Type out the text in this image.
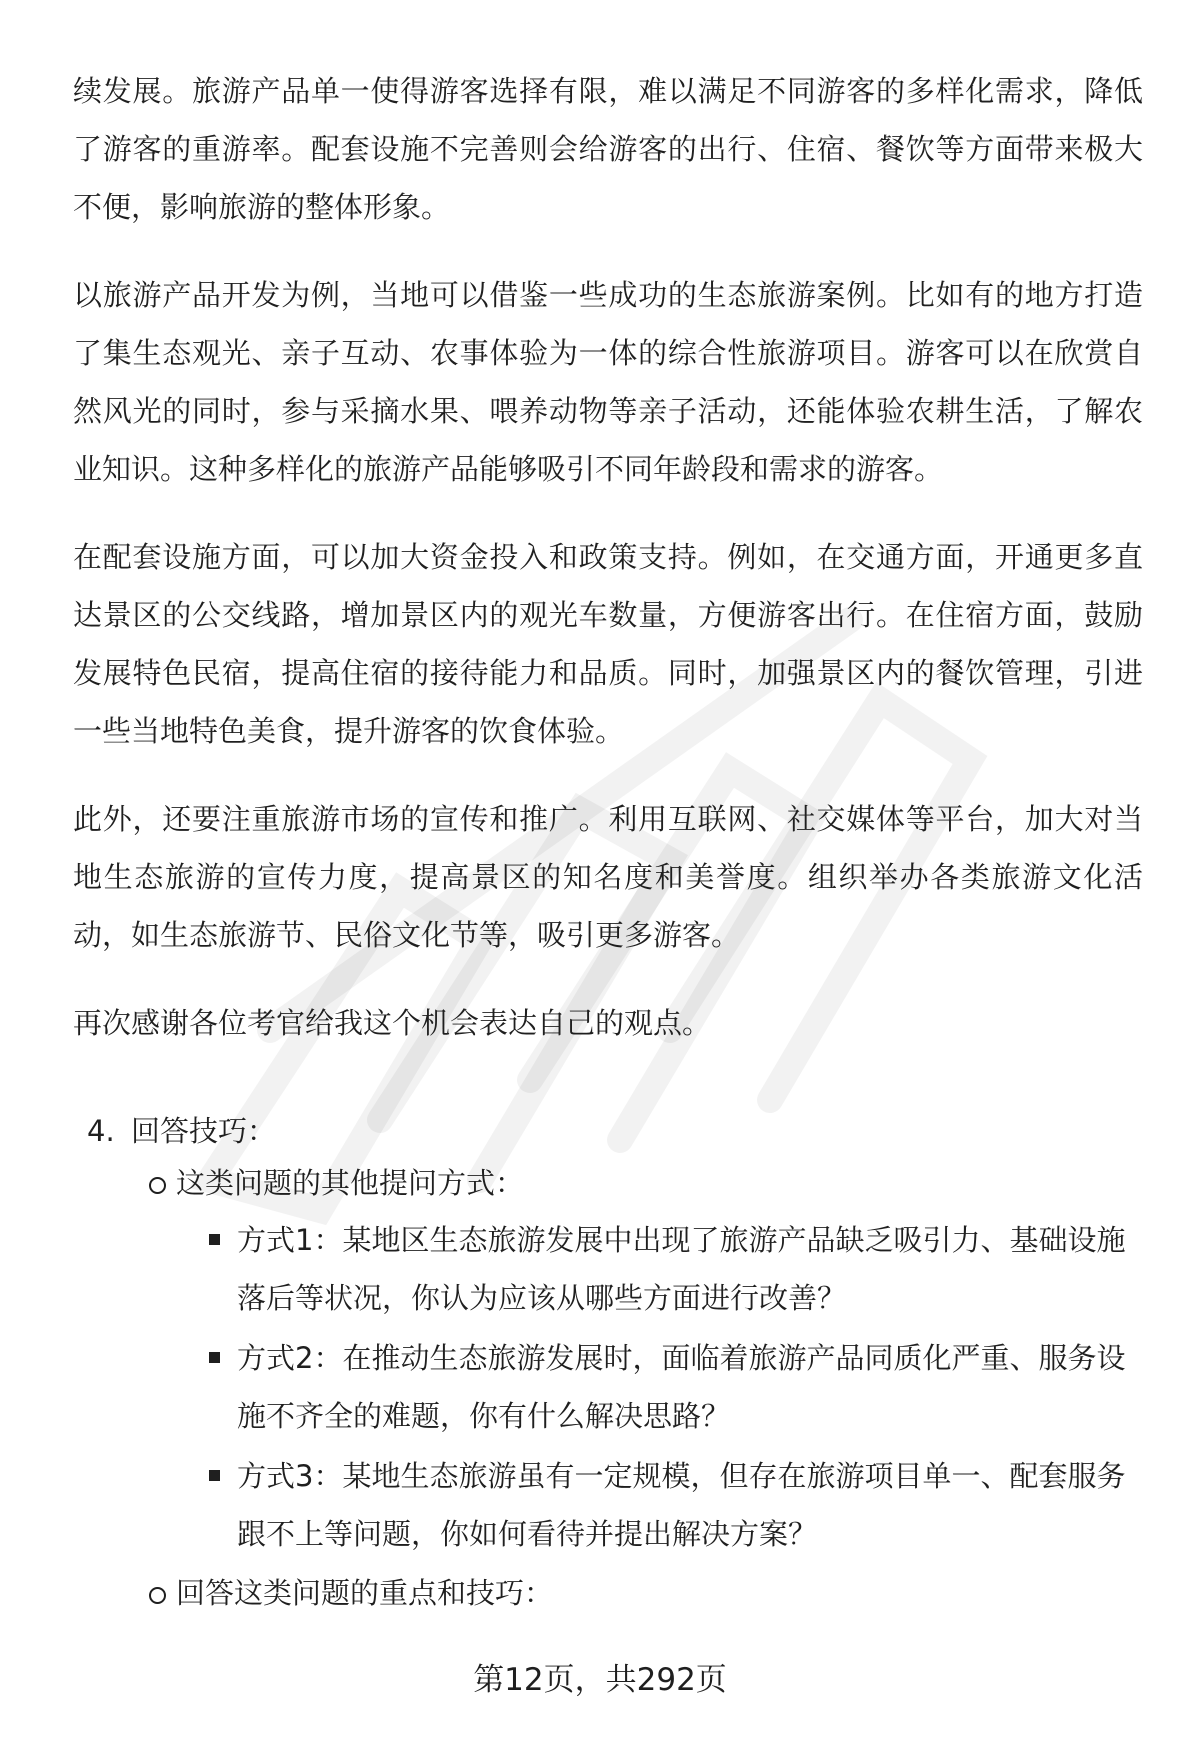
续发展。旅游产品单一使得游客选择有限，难以满足不同游客的多样化需求，降低了游客的重游率。配套设施不完善则会给游客的出行、住宿、餐饮等方面带来极大不便，影响旅游的整体形象。

以旅游产品开发为例，当地可以借鉴一些成功的生态旅游案例。比如有的地方打造了集生态观光、亲子互动、农事体验为一体的综合性旅游项目。游客可以在欣赏自然风光的同时，参与采摘水果、喂养动物等亲子活动，还能体验农耕生活，了解农业知识。这种多样化的旅游产品能够吸引不同年龄段和需求的游客。

在配套设施方面，可以加大资金投入和政策支持。例如，在交通方面，开通更多直达景区的公交线路，增加景区内的观光车数量，方便游客出行。在住宿方面，鼓励发展特色民宿，提高住宿的接待能力和品质。同时，加强景区内的餐饮管理，引进一些当地特色美食，提升游客的饮食体验。

此外，还要注重旅游市场的宣传和推广。利用互联网、社交媒体等平台，加大对当地生态旅游的宣传力度，提高景区的知名度和美誉度。组织举办各类旅游文化活动，如生态旅游节、民俗文化节等，吸引更多游客。

再次感谢各位考官给我这个机会表达自己的观点。

4. 回答技巧：
这类问题的其他提问方式：
方式1：某地区生态旅游发展中出现了旅游产品缺乏吸引力、基础设施落后等状况，你认为应该从哪些方面进行改善？
方式2：在推动生态旅游发展时，面临着旅游产品同质化严重、服务设施不齐全的难题，你有什么解决思路？
方式3：某地生态旅游虽有一定规模，但存在旅游项目单一、配套服务跟不上等问题，你如何看待并提出解决方案？
回答这类问题的重点和技巧：
第12页，共292页
